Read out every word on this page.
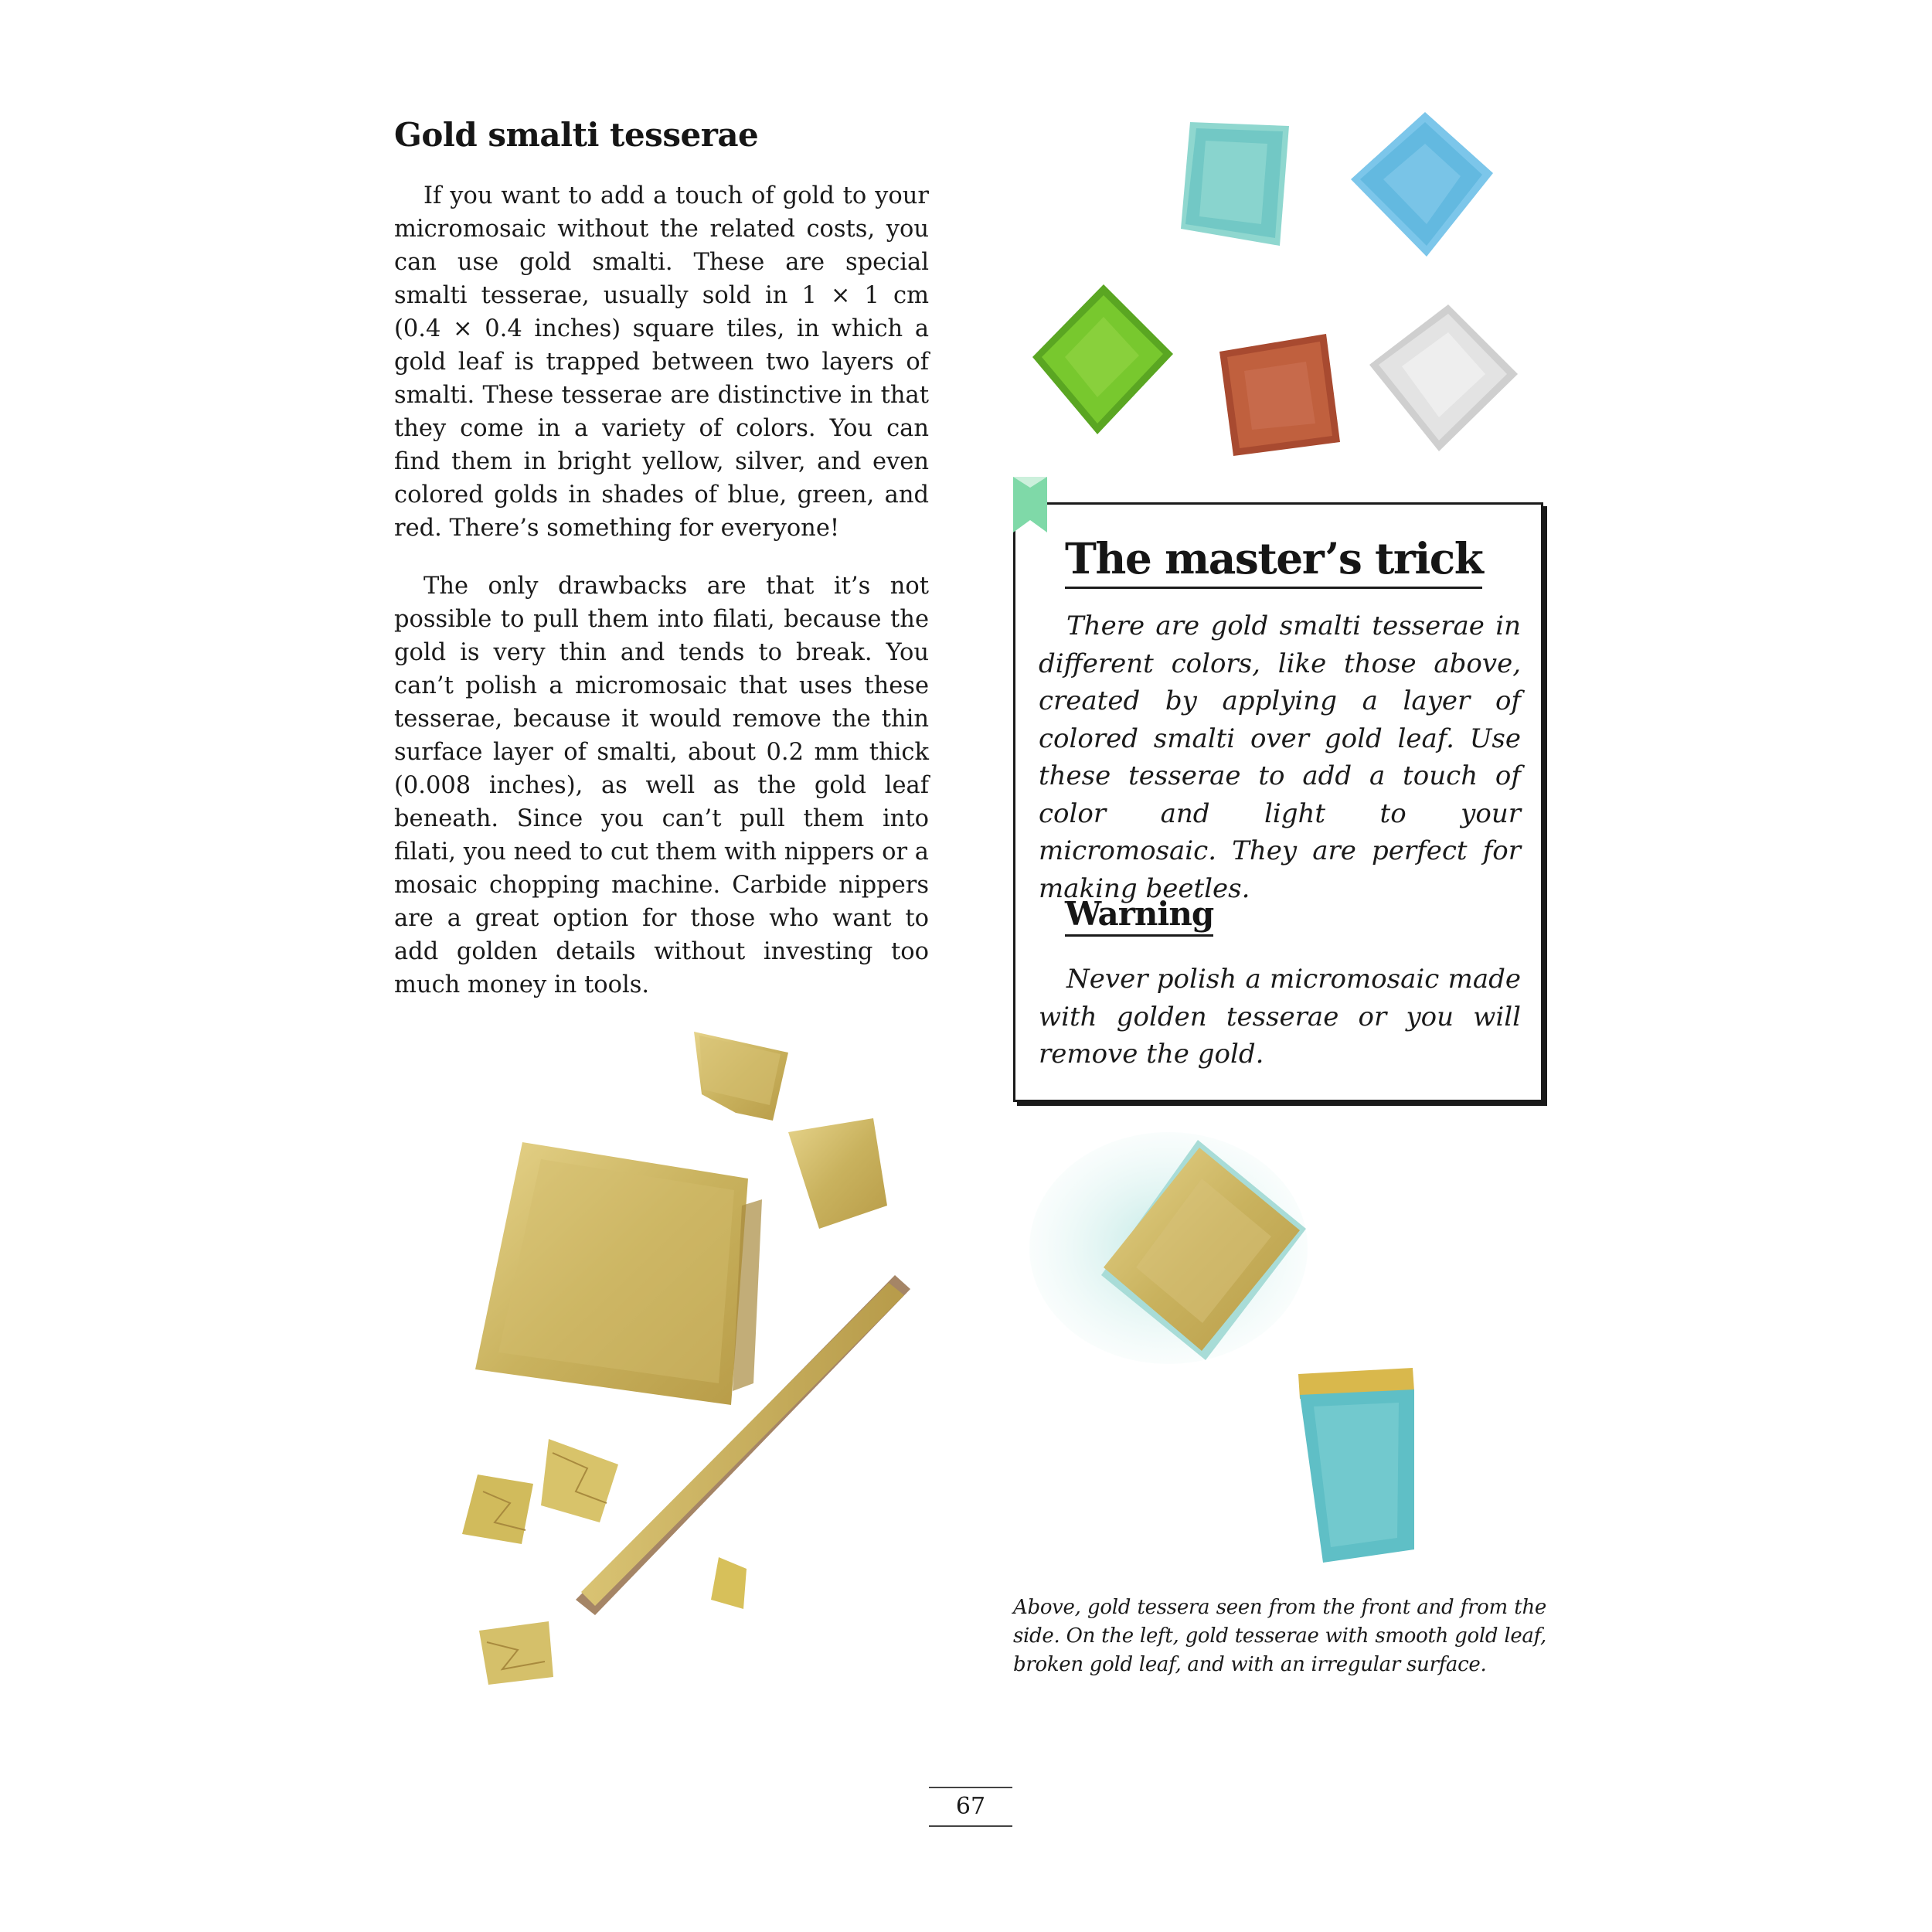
Gold smalti tesserae

If you want to add a touch of gold to your micromosaic without the related costs, you can use gold smalti. These are special smalti tesserae, usually sold in 1 × 1 cm (0.4 × 0.4 inches) square tiles, in which a gold leaf is trapped between two layers of smalti. These tesserae are distinctive in that they come in a variety of colors. You can find them in bright yellow, silver, and even colored golds in shades of blue, green, and red. There’s something for everyone!

The only drawbacks are that it’s not possible to pull them into filati, because the gold is very thin and tends to break. You can’t polish a micromosaic that uses these tesserae, because it would remove the thin surface layer of smalti, about 0.2 mm thick (0.008 inches), as well as the gold leaf beneath. Since you can’t pull them into filati, you need to cut them with nippers or a mosaic chopping machine. Carbide nippers are a great option for those who want to add golden details without investing too much money in tools.

The master’s trick

There are gold smalti tesserae in different colors, like those above, created by applying a layer of colored smalti over gold leaf. Use these tesserae to add a touch of color and light to your micromosaic. They are perfect for making beetles.

Warning

Never polish a micromosaic made with golden tesserae or you will remove the gold.

Above, gold tessera seen from the front and from the side. On the left, gold tesserae with smooth gold leaf, broken gold leaf, and with an irregular surface.

67
